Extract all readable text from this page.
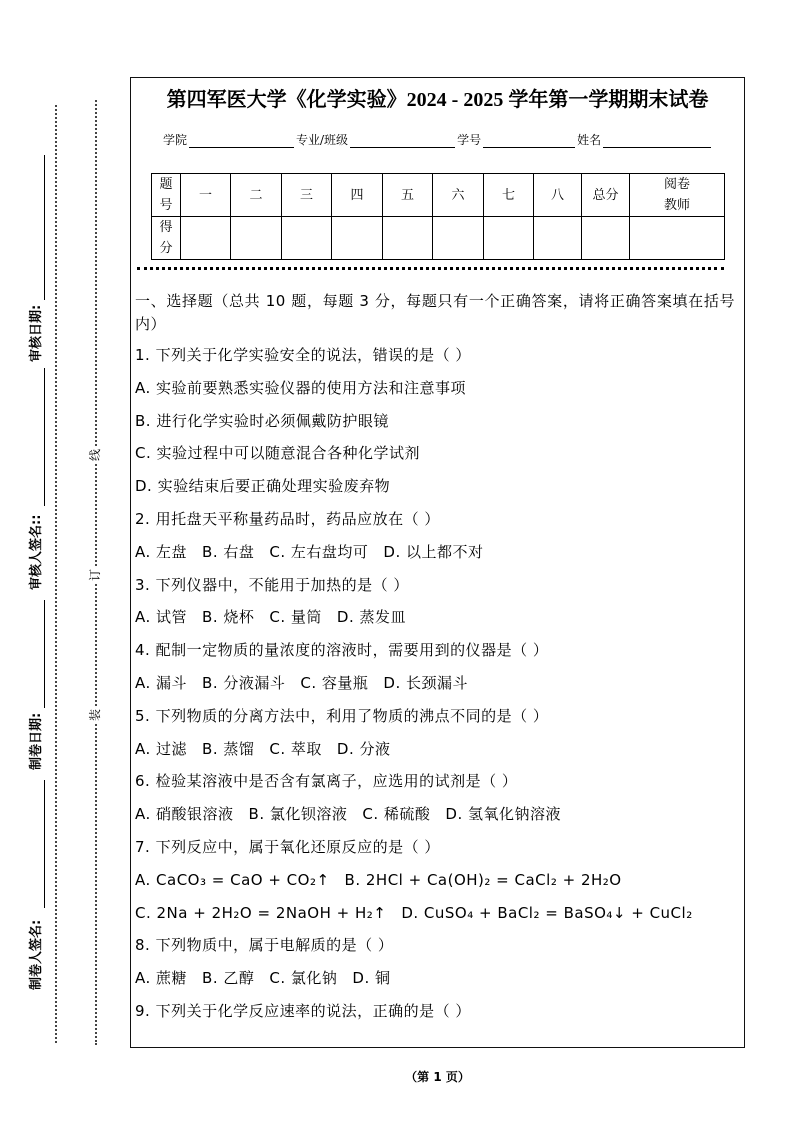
制卷人签名:
制卷日期:
审核人签名::
审核日期:
装
订
线
第四军医大学《化学实验》2024 - 2025 学年第一学期期末试卷
学院	专业/班级	学号	姓名
题号	一	二	三	四	五	六	七	八	总分	阅卷教师
得分										
一、选择题（总共 10 题，每题 3 分，每题只有一个正确答案，请将正确答案填在括号内）
1. 下列关于化学实验安全的说法，错误的是（ ）
A. 实验前要熟悉实验仪器的使用方法和注意事项
B. 进行化学实验时必须佩戴防护眼镜
C. 实验过程中可以随意混合各种化学试剂
D. 实验结束后要正确处理实验废弃物
2. 用托盘天平称量药品时，药品应放在（ ）
A. 左盘 B. 右盘 C. 左右盘均可 D. 以上都不对
3. 下列仪器中，不能用于加热的是（ ）
A. 试管 B. 烧杯 C. 量筒 D. 蒸发皿
4. 配制一定物质的量浓度的溶液时，需要用到的仪器是（ ）
A. 漏斗 B. 分液漏斗 C. 容量瓶 D. 长颈漏斗
5. 下列物质的分离方法中，利用了物质的沸点不同的是（ ）
A. 过滤 B. 蒸馏 C. 萃取 D. 分液
6. 检验某溶液中是否含有氯离子，应选用的试剂是（ ）
A. 硝酸银溶液 B. 氯化钡溶液 C. 稀硫酸 D. 氢氧化钠溶液
7. 下列反应中，属于氧化还原反应的是（ ）
A. CaCO₃ = CaO + CO₂↑ B. 2HCl + Ca(OH)₂ = CaCl₂ + 2H₂O
C. 2Na + 2H₂O = 2NaOH + H₂↑ D. CuSO₄ + BaCl₂ = BaSO₄↓ + CuCl₂
8. 下列物质中，属于电解质的是（ ）
A. 蔗糖 B. 乙醇 C. 氯化钠 D. 铜
9. 下列关于化学反应速率的说法，正确的是（ ）
（第 1 页）
